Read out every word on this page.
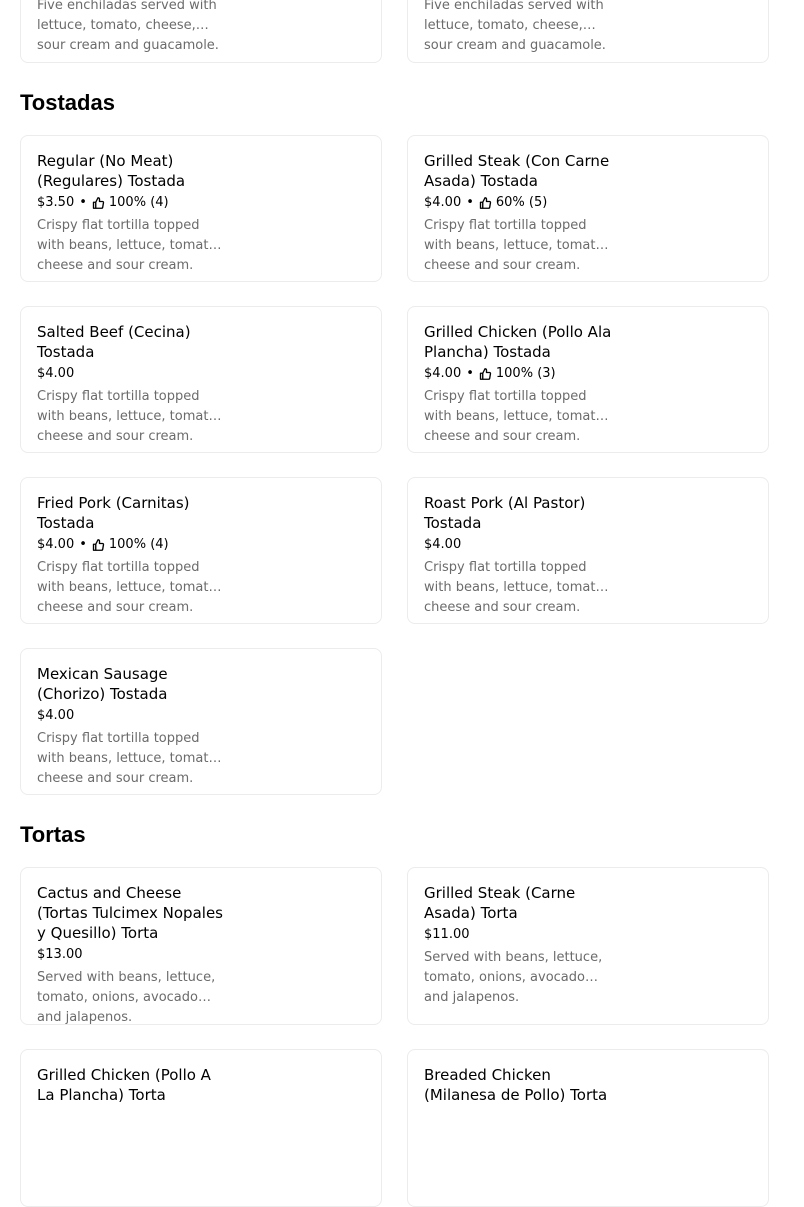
Five enchiladas served with lettuce, tomato, cheese, sour cream and guacamole.
Five enchiladas served with lettuce, tomato, cheese, sour cream and guacamole.
Tostadas
Regular (No Meat) (Regulares) Tostada
$3.50 • 100% (4)
Crispy flat tortilla topped with beans, lettuce, tomato, cheese and sour cream.
Grilled Steak (Con Carne Asada) Tostada
$4.00 • 60% (5)
Crispy flat tortilla topped with beans, lettuce, tomato, cheese and sour cream.
Salted Beef (Cecina) Tostada
$4.00
Crispy flat tortilla topped with beans, lettuce, tomato, cheese and sour cream.
Grilled Chicken (Pollo Ala Plancha) Tostada
$4.00 • 100% (3)
Crispy flat tortilla topped with beans, lettuce, tomato, cheese and sour cream.
Fried Pork (Carnitas) Tostada
$4.00 • 100% (4)
Crispy flat tortilla topped with beans, lettuce, tomato, cheese and sour cream.
Roast Pork (Al Pastor) Tostada
$4.00
Crispy flat tortilla topped with beans, lettuce, tomato, cheese and sour cream.
Mexican Sausage (Chorizo) Tostada
$4.00
Crispy flat tortilla topped with beans, lettuce, tomato, cheese and sour cream.
Tortas
Cactus and Cheese (Tortas Tulcimex Nopales y Quesillo) Torta
$13.00
Served with beans, lettuce, tomato, onions, avocado and jalapenos.
Grilled Steak (Carne Asada) Torta
$11.00
Served with beans, lettuce, tomato, onions, avocado and jalapenos.
Grilled Chicken (Pollo A La Plancha) Torta
Breaded Chicken (Milanesa de Pollo) Torta
